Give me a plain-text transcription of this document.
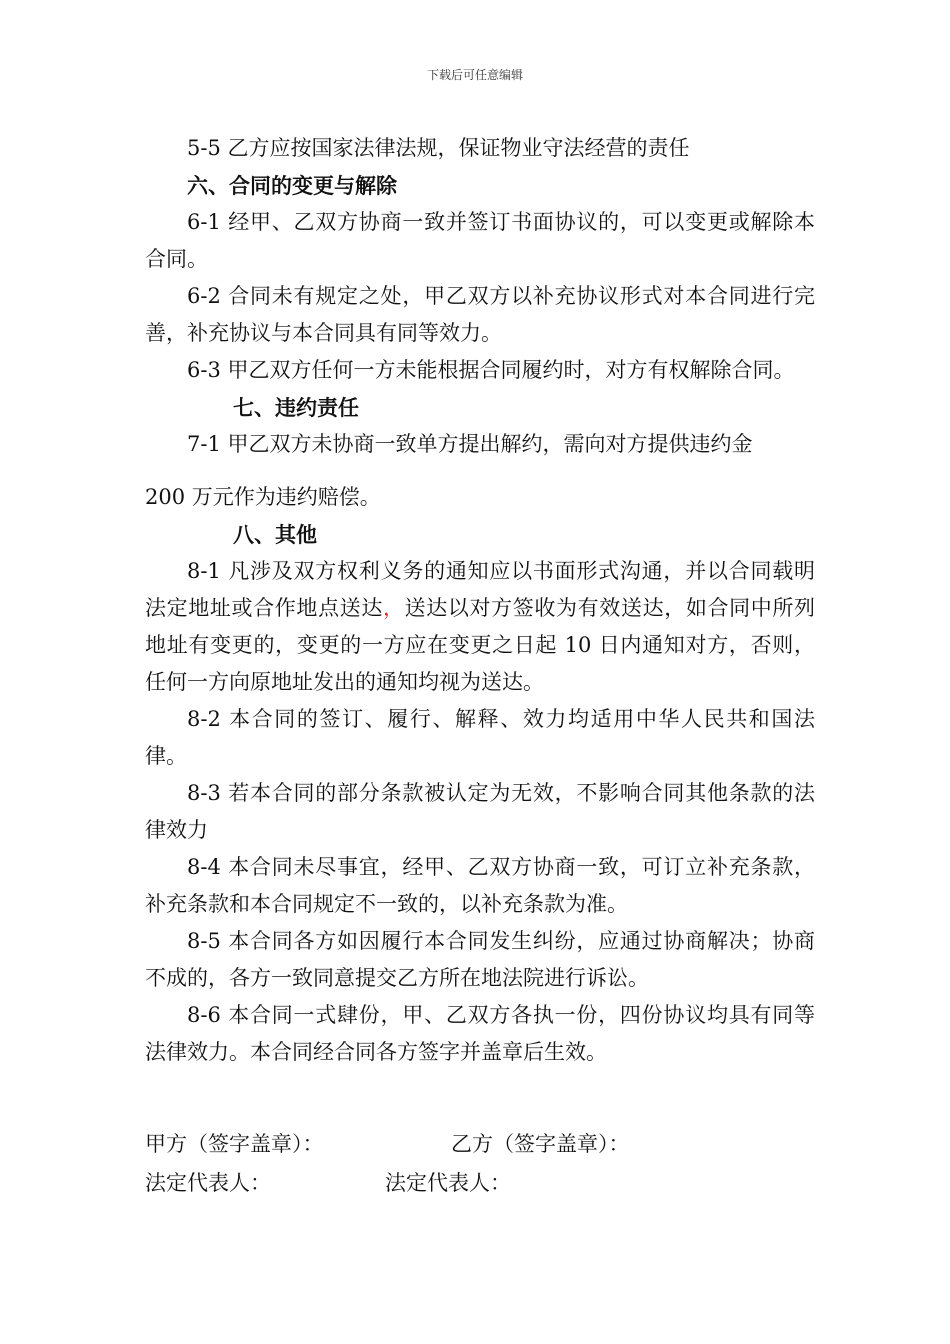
下载后可任意编辑

5-5 乙方应按国家法律法规，保证物业守法经营的责任

六、合同的变更与解除

6-1 经甲、乙双方协商一致并签订书面协议的，可以变更或解除本合同。

6-2 合同未有规定之处，甲乙双方以补充协议形式对本合同进行完善，补充协议与本合同具有同等效力。

6-3 甲乙双方任何一方未能根据合同履约时，对方有权解除合同。

七、违约责任

7-1 甲乙双方未协商一致单方提出解约，需向对方提供违约金

200 万元作为违约赔偿。

八、其他

8-1 凡涉及双方权利义务的通知应以书面形式沟通，并以合同载明法定地址或合作地点送达，送达以对方签收为有效送达，如合同中所列地址有变更的，变更的一方应在变更之日起 10 日内通知对方，否则，任何一方向原地址发出的通知均视为送达。

8-2 本合同的签订、履行、解释、效力均适用中华人民共和国法律。

8-3 若本合同的部分条款被认定为无效，不影响合同其他条款的法律效力

8-4 本合同未尽事宜，经甲、乙双方协商一致，可订立补充条款，补充条款和本合同规定不一致的，以补充条款为准。

8-5 本合同各方如因履行本合同发生纠纷，应通过协商解决；协商不成的，各方一致同意提交乙方所在地法院进行诉讼。

8-6 本合同一式肆份，甲、乙双方各执一份，四份协议均具有同等法律效力。本合同经合同各方签字并盖章后生效。

甲方（签字盖章）：	乙方（签字盖章）：
法定代表人：	法定代表人：
